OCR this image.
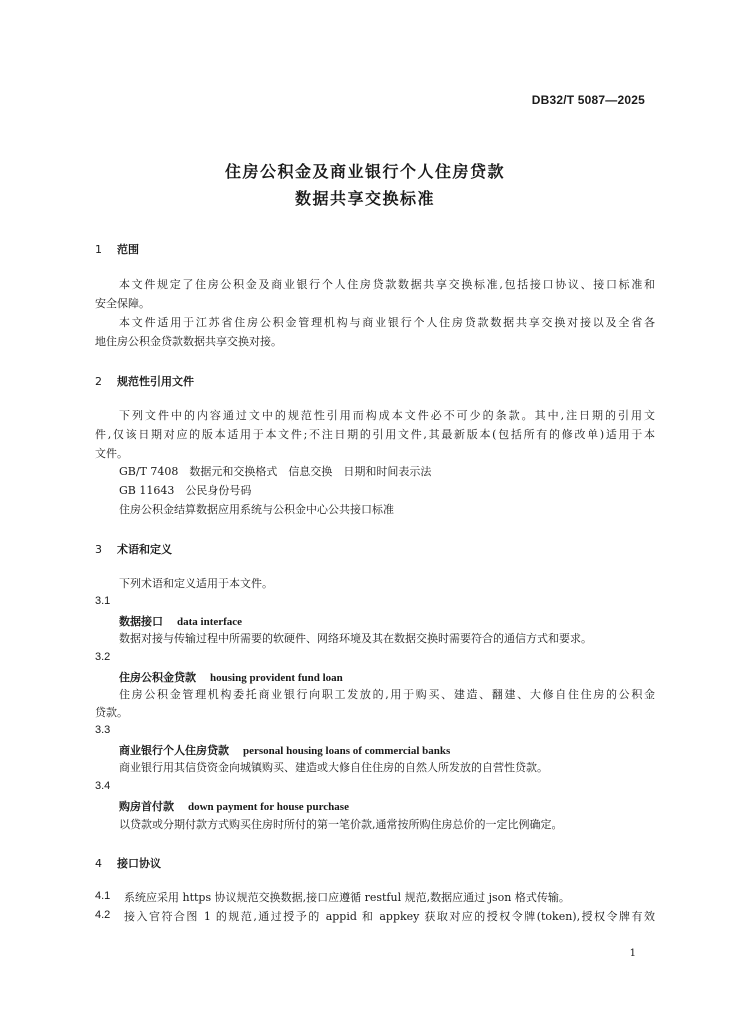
DB32/T 5087—2025
住房公积金及商业银行个人住房贷款
数据共享交换标准
1 范围
本文件规定了住房公积金及商业银行个人住房贷款数据共享交换标准,包括接口协议、接口标准和
安全保障。
本文件适用于江苏省住房公积金管理机构与商业银行个人住房贷款数据共享交换对接以及全省各
地住房公积金贷款数据共享交换对接。
2 规范性引用文件
下列文件中的内容通过文中的规范性引用而构成本文件必不可少的条款。其中,注日期的引用文
件,仅该日期对应的版本适用于本文件;不注日期的引用文件,其最新版本(包括所有的修改单)适用于本
文件。
GB/T 7408　数据元和交换格式　信息交换　日期和时间表示法
GB 11643　公民身份号码
住房公积金结算数据应用系统与公积金中心公共接口标准
3 术语和定义
下列术语和定义适用于本文件。
3.1
数据接口 data interface
数据对接与传输过程中所需要的软硬件、网络环境及其在数据交换时需要符合的通信方式和要求。
3.2
住房公积金贷款 housing provident fund loan
住房公积金管理机构委托商业银行向职工发放的,用于购买、建造、翻建、大修自住住房的公积金
贷款。
3.3
商业银行个人住房贷款 personal housing loans of commercial banks
商业银行用其信贷资金向城镇购买、建造或大修自住住房的自然人所发放的自营性贷款。
3.4
购房首付款 down payment for house purchase
以贷款或分期付款方式购买住房时所付的第一笔价款,通常按所购住房总价的一定比例确定。
4 接口协议
4.1 系统应采用 https 协议规范交换数据,接口应遵循 restful 规范,数据应通过 json 格式传输。
4.2 接入官符合图 1 的规范,通过授予的 appid 和 appkey 获取对应的授权令牌(token),授权令牌有效
1
